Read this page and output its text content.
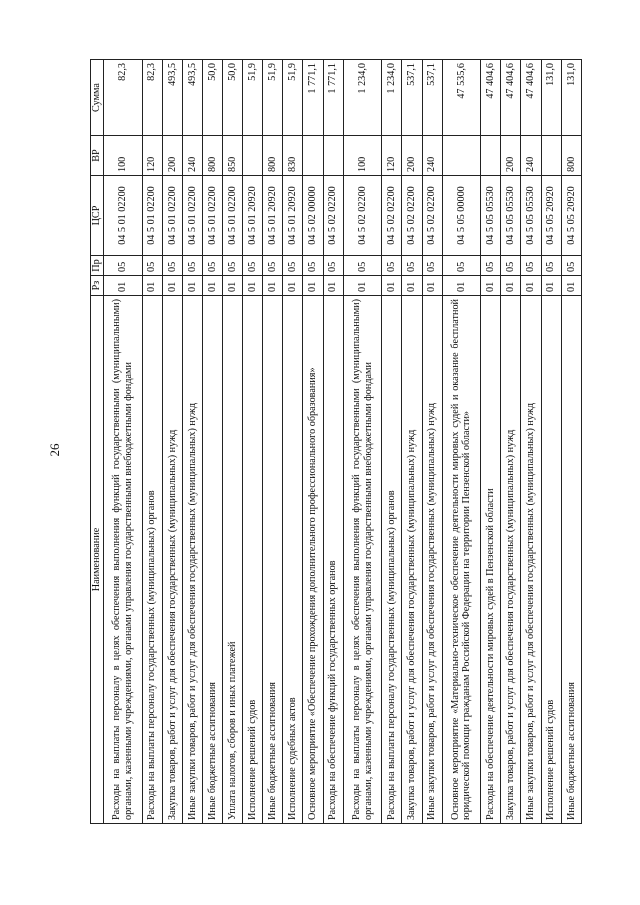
26
Наименование	Рз	Пр	ЦСР	ВР	Сумма
Расходы на выплаты персоналу в целях обеспечения выполнения функций государственными (муниципальными) органами, казенными учреждениями, органами управления государственными внебюджетными фондами	01	05	04 5 01 02200	100	82,3
Расходы на выплаты персоналу государственных (муниципальных) органов	01	05	04 5 01 02200	120	82,3
Закупка товаров, работ и услуг для обеспечения государственных (муниципальных) нужд	01	05	04 5 01 02200	200	493,5
Иные закупки товаров, работ и услуг для обеспечения государственных (муниципальных) нужд	01	05	04 5 01 02200	240	493,5
Иные бюджетные ассигнования	01	05	04 5 01 02200	800	50,0
Уплата налогов, сборов и иных платежей	01	05	04 5 01 02200	850	50,0
Исполнение решений судов	01	05	04 5 01 20920		51,9
Иные бюджетные ассигнования	01	05	04 5 01 20920	800	51,9
Исполнение судебных актов	01	05	04 5 01 20920	830	51,9
Основное мероприятие «Обеспечение прохождения дополнительного профессионального образования»	01	05	04 5 02 00000		1 771,1
Расходы на обеспечение функций государственных органов	01	05	04 5 02 02200		1 771,1
Расходы на выплаты персоналу в целях обеспечения выполнения функций государственными (муниципальными) органами, казенными учреждениями, органами управления государственными внебюджетными фондами	01	05	04 5 02 02200	100	1 234,0
Расходы на выплаты персоналу государственных (муниципальных) органов	01	05	04 5 02 02200	120	1 234,0
Закупка товаров, работ и услуг для обеспечения государственных (муниципальных) нужд	01	05	04 5 02 02200	200	537,1
Иные закупки товаров, работ и услуг для обеспечения государственных (муниципальных) нужд	01	05	04 5 02 02200	240	537,1
Основное мероприятие «Материально-техническое обеспечение деятельности мировых судей и оказание бесплатной юридической помощи гражданам Российской Федерации на территории Пензенской области»	01	05	04 5 05 00000		47 535,6
Расходы на обеспечение деятельности мировых судей в Пензенской области	01	05	04 5 05 05530		47 404,6
Закупка товаров, работ и услуг для обеспечения государственных (муниципальных) нужд	01	05	04 5 05 05530	200	47 404,6
Иные закупки товаров, работ и услуг для обеспечения государственных (муниципальных) нужд	01	05	04 5 05 05530	240	47 404,6
Исполнение решений судов	01	05	04 5 05 20920		131,0
Иные бюджетные ассигнования	01	05	04 5 05 20920	800	131,0
